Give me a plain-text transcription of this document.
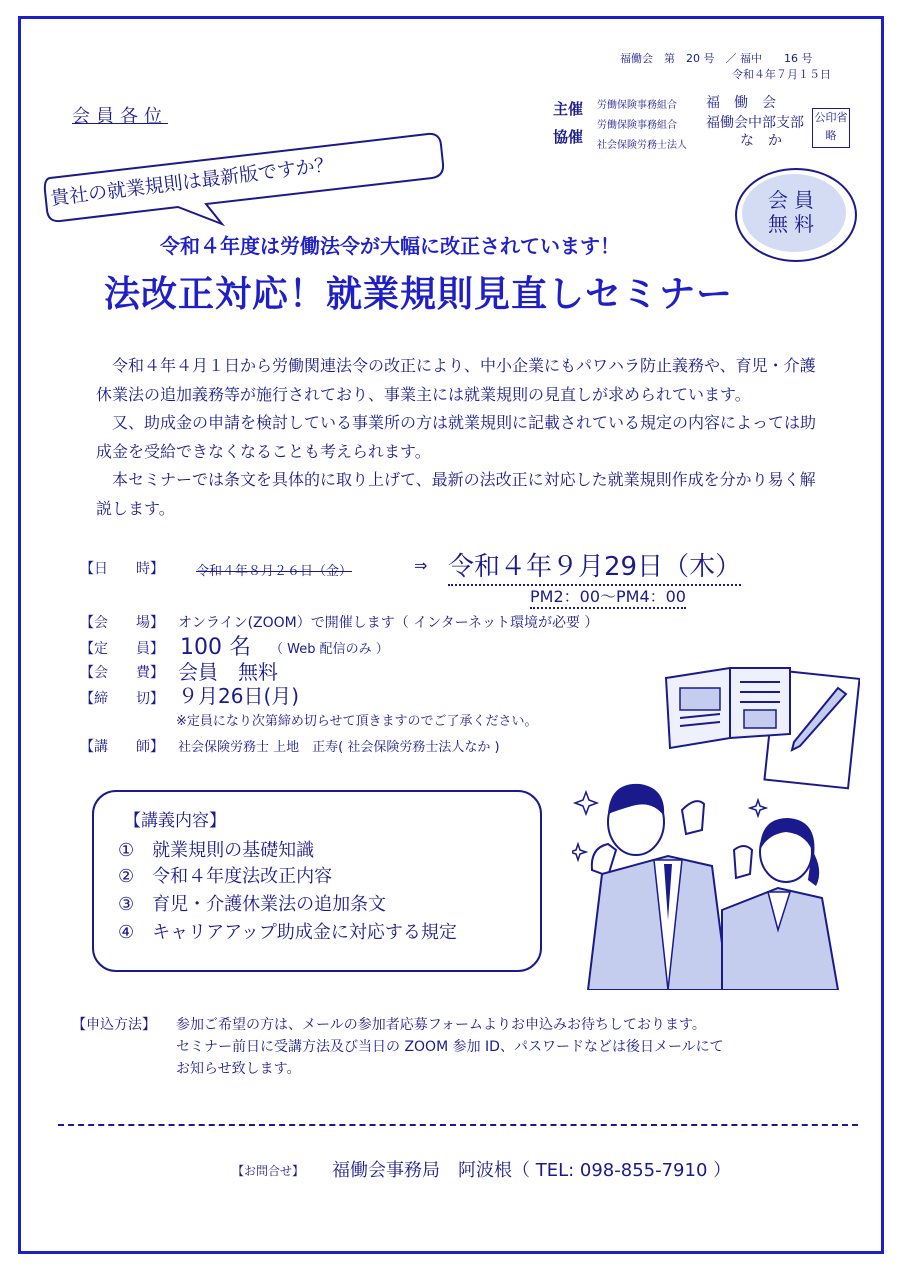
福働会　第　20 号　／ 福中　　16 号
令和４年７月１５日
会員各位
貴社の就業規則は最新版ですか？
主催
協催
労働保険事務組合 福　働　会
労働保険事務組合 福働会中部支部
社会保険労務士法人	な　か
公印省略
会員
無料
令和４年度は労働法令が大幅に改正されています！
法改正対応！就業規則見直しセミナー

令和４年４月１日から労働関連法令の改正により、中小企業にもパワハラ防止義務や、育児・介護休業法の追加義務等が施行されており、事業主には就業規則の見直しが求められています。

又、助成金の申請を検討している事業所の方は就業規則に記載されている規定の内容によっては助成金を受給できなくなることも考えられます。

本セミナーでは条文を具体的に取り上げて、最新の法改正に対応した就業規則作成を分かり易く解説します。

【日　　時】 令和４年８月２６日（金）	⇒ 令和４年９月29日（木）
PM2：00〜PM4：00
【会　　場】 オンライン(ZOOM）で開催します（ インターネット環境が必要 ）
【定　　員】 100 名 （ Web 配信のみ ）
【会　　費】 会員　無料
【締　　切】 ９月26日(月)
※定員になり次第締め切らせて頂きますのでご了承ください。
【講　　師】 社会保険労務士 上地　正寿( 社会保険労務士法人なか )
【講義内容】
①　就業規則の基礎知識
②　令和４年度法改正内容
③　育児・介護休業法の追加条文
④　キャリアアップ助成金に対応する規定
【申込方法】 参加ご希望の方は、メールの参加者応募フォームよりお申込みお待ちしております。
セミナー前日に受講方法及び当日の ZOOM 参加 ID、パスワードなどは後日メールにて
お知らせ致します。
【お問合せ】 福働会事務局　阿波根（ TEL: 098-855-7910 ）
